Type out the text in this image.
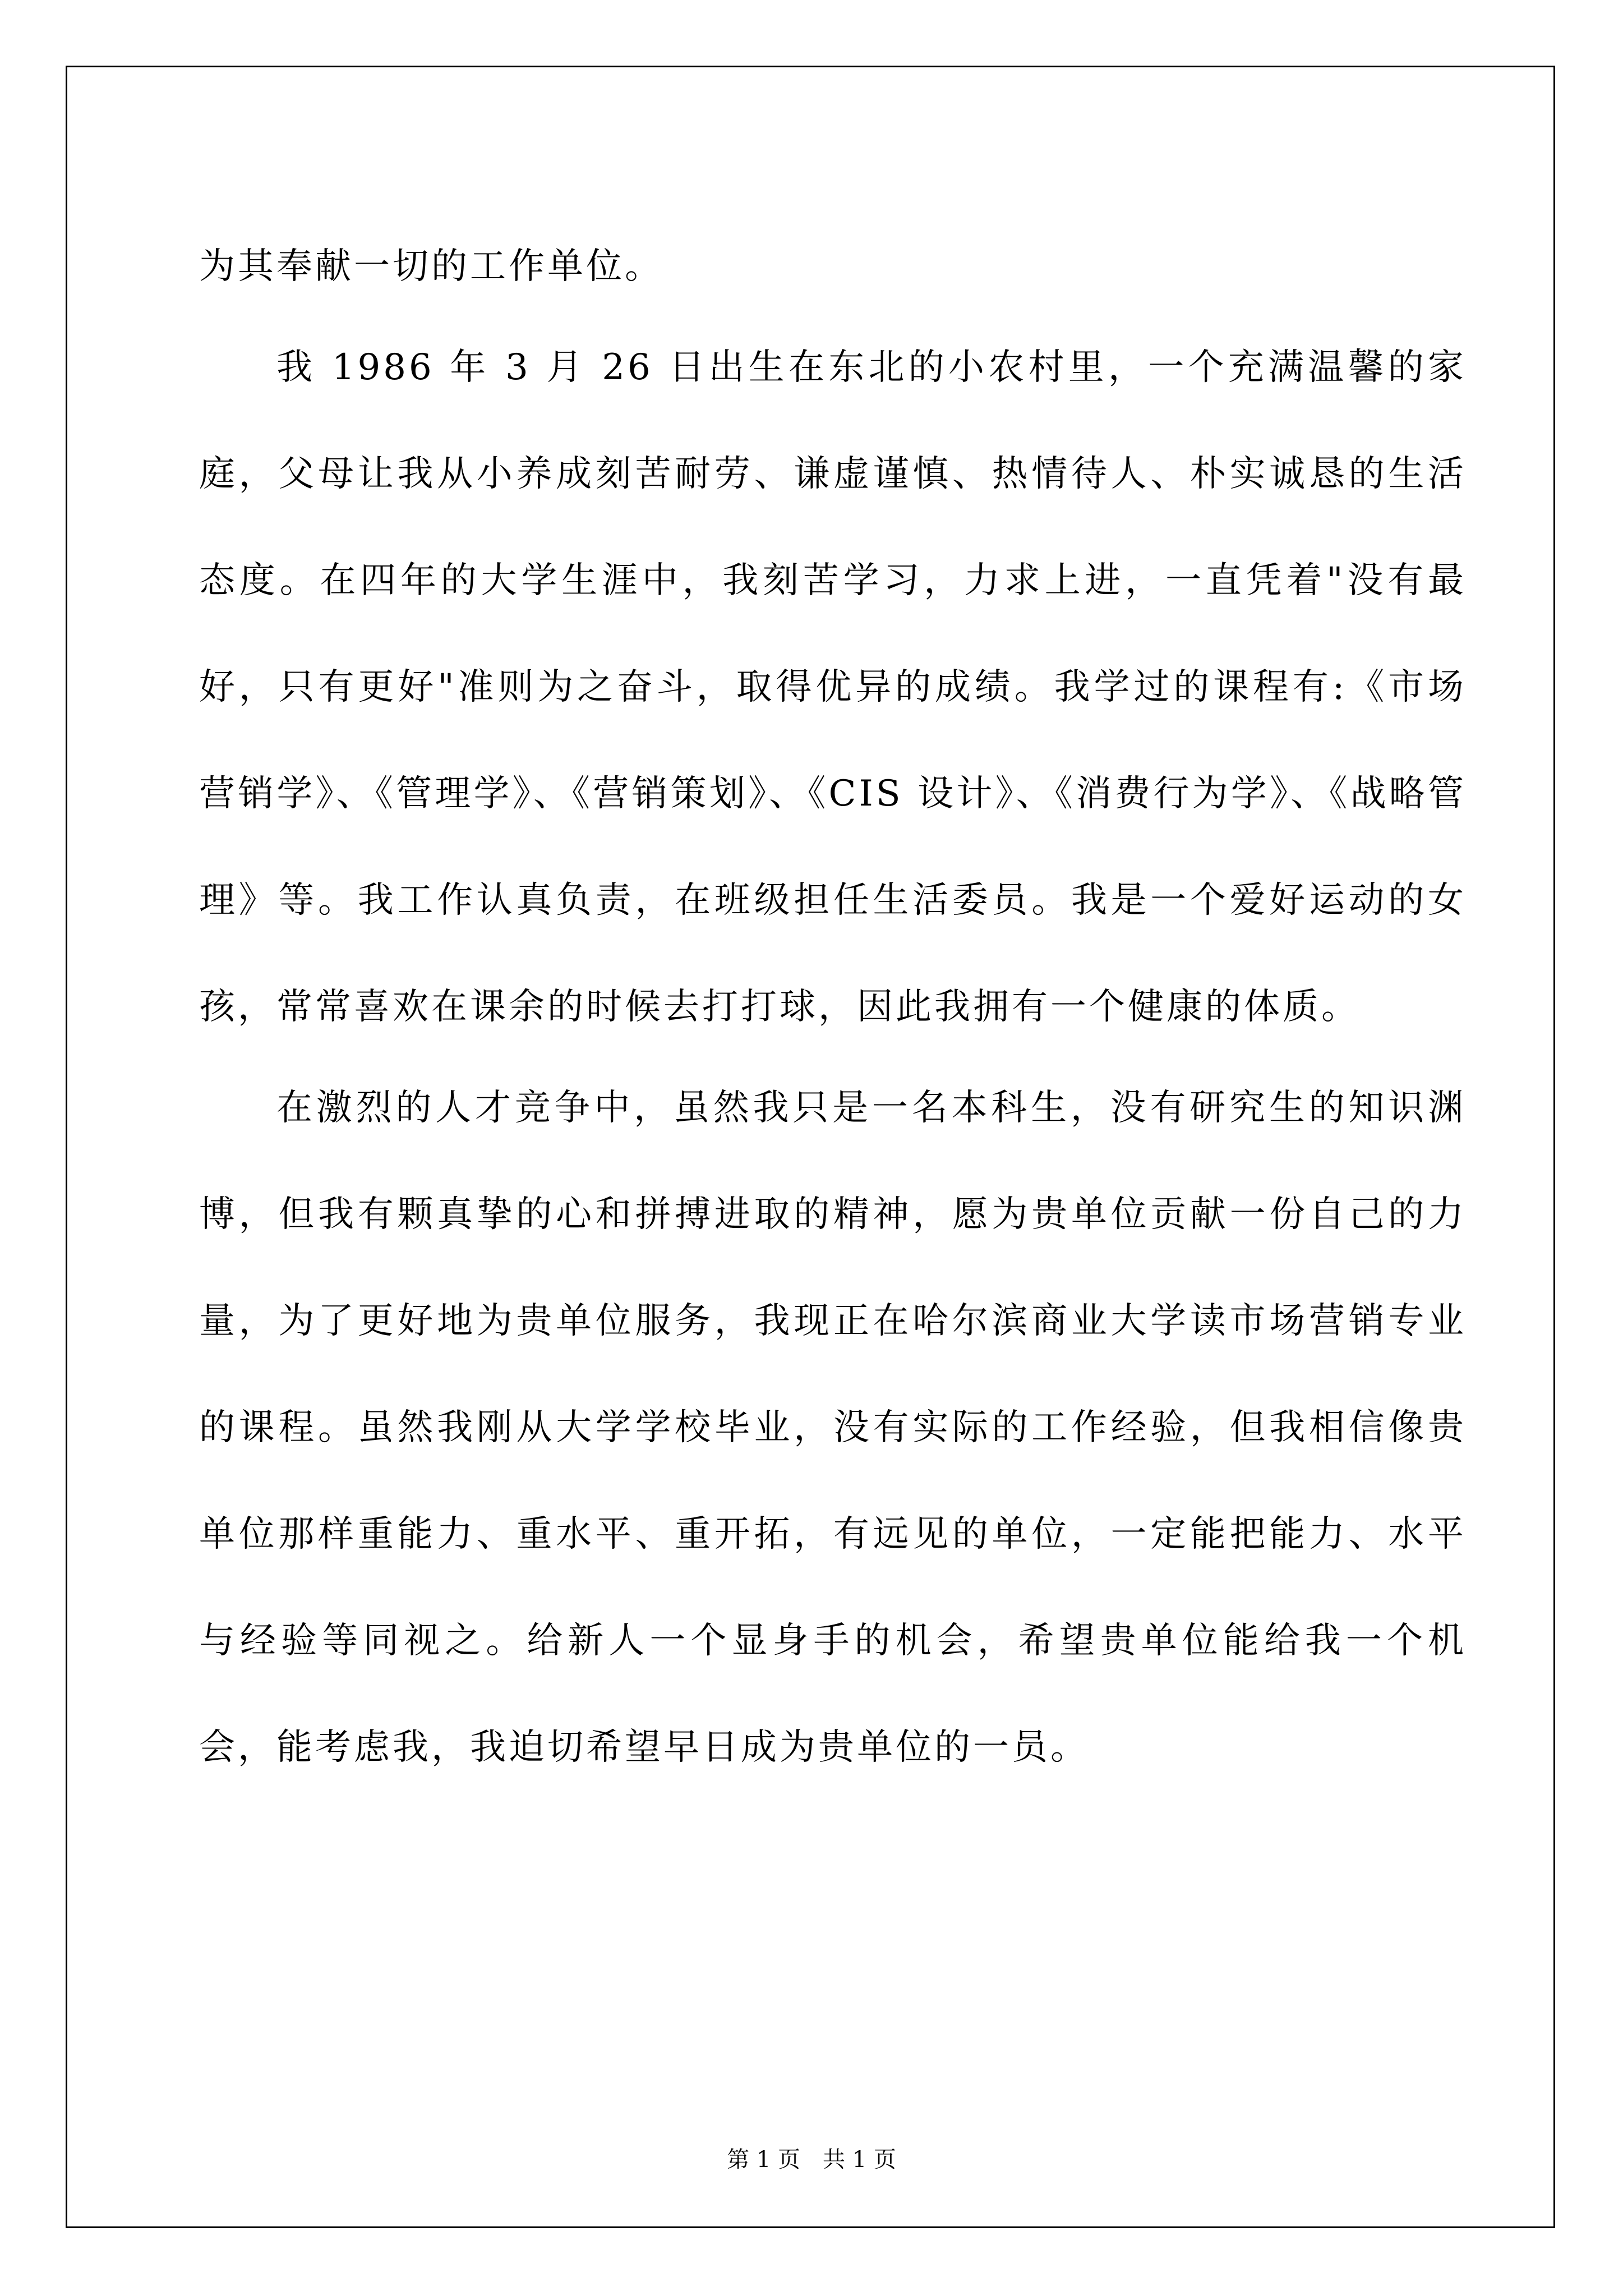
为其奉献一切的工作单位。

我 1986 年 3 月 26 日出生在东北的小农村里，一个充满温馨的家庭，父母让我从小养成刻苦耐劳、谦虚谨慎、热情待人、朴实诚恳的生活态度。在四年的大学生涯中，我刻苦学习，力求上进，一直凭着"没有最好，只有更好"准则为之奋斗，取得优异的成绩。我学过的课程有:《市场营销学》、《管理学》、《营销策划》、《CIS 设计》、《消费行为学》、《战略管理》等。我工作认真负责，在班级担任生活委员。我是一个爱好运动的女孩，常常喜欢在课余的时候去打打球，因此我拥有一个健康的体质。

在激烈的人才竞争中，虽然我只是一名本科生，没有研究生的知识渊博，但我有颗真挚的心和拼搏进取的精神，愿为贵单位贡献一份自己的力量，为了更好地为贵单位服务，我现正在哈尔滨商业大学读市场营销专业的课程。虽然我刚从大学学校毕业，没有实际的工作经验，但我相信像贵单位那样重能力、重水平、重开拓，有远见的单位，一定能把能力、水平与经验等同视之。给新人一个显身手的机会，希望贵单位能给我一个机会，能考虑我，我迫切希望早日成为贵单位的一员。

第 1 页　共 1 页
